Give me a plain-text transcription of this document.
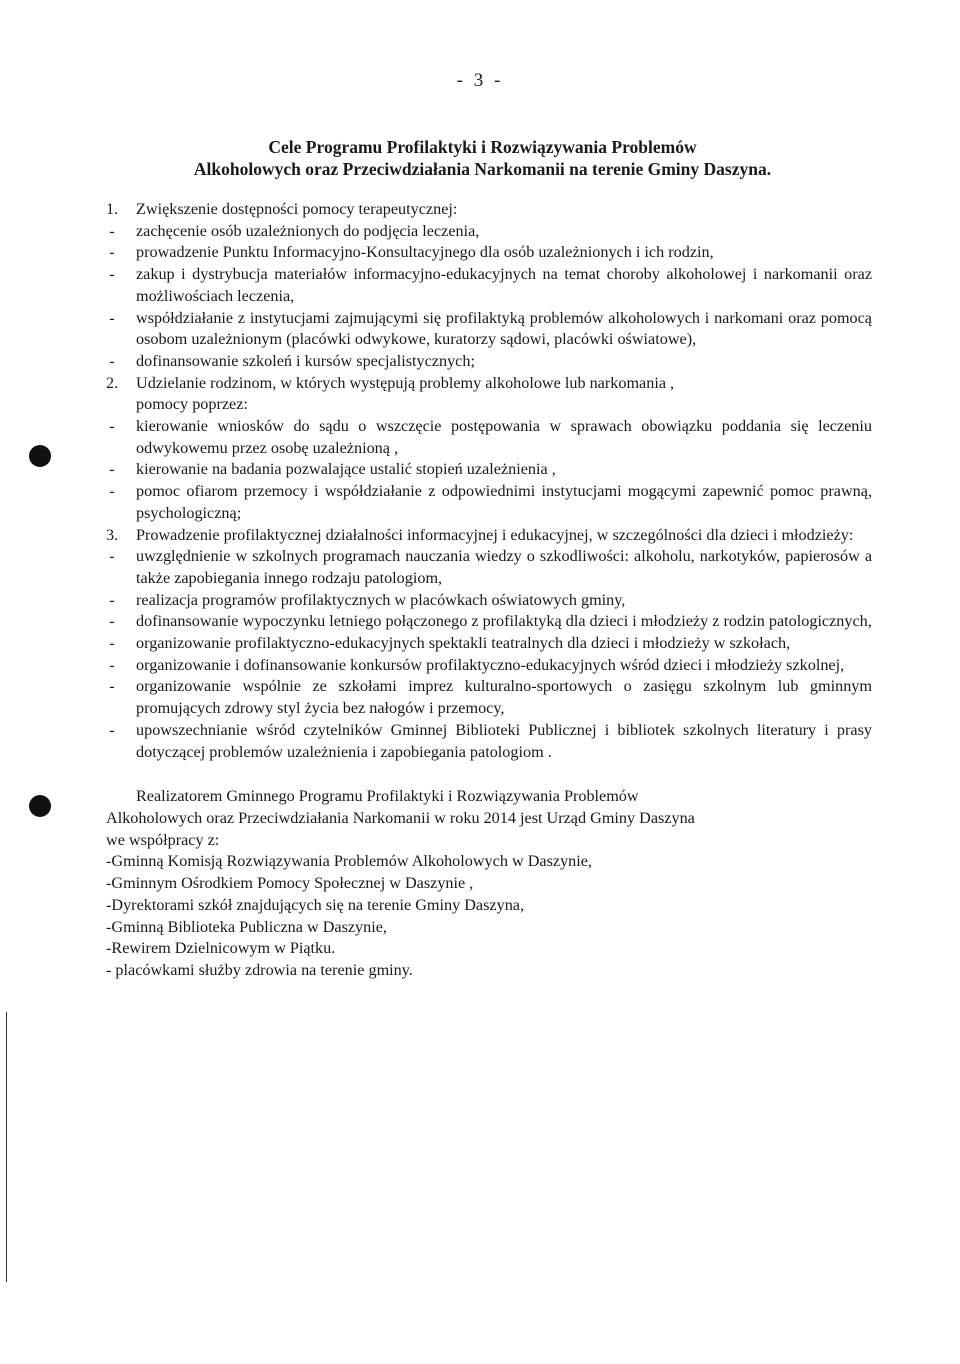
- 3 -
Cele Programu Profilaktyki i Rozwiązywania Problemów
Alkoholowych oraz Przeciwdziałania Narkomanii na terenie Gminy Daszyna.
1.	Zwiększenie dostępności pomocy terapeutycznej:
- zachęcenie osób uzależnionych do podjęcia leczenia,
- prowadzenie Punktu Informacyjno-Konsultacyjnego dla osób uzależnionych i ich rodzin,
- zakup i dystrybucja materiałów informacyjno-edukacyjnych na temat choroby alkoholowej i narkomanii oraz możliwościach leczenia,
- współdziałanie z instytucjami zajmującymi się profilaktyką problemów alkoholowych i narkomani oraz pomocą osobom uzależnionym (placówki odwykowe, kuratorzy sądowi, placówki oświatowe),
- dofinansowanie szkoleń i kursów specjalistycznych;
2.	Udzielanie rodzinom, w których występują problemy alkoholowe lub narkomania ,
pomocy poprzez:
- kierowanie wniosków do sądu o wszczęcie postępowania w sprawach obowiązku poddania się leczeniu odwykowemu przez osobę uzależnioną ,
- kierowanie na badania pozwalające ustalić stopień uzależnienia ,
- pomoc ofiarom przemocy i współdziałanie z odpowiednimi instytucjami mogącymi zapewnić pomoc prawną, psychologiczną;
3.	Prowadzenie profilaktycznej działalności informacyjnej i edukacyjnej, w szczególności dla dzieci i młodzieży:
- uwzględnienie w szkolnych programach nauczania wiedzy o szkodliwości: alkoholu, narkotyków, papierosów a także zapobiegania innego rodzaju patologiom,
- realizacja programów profilaktycznych w placówkach oświatowych gminy,
- dofinansowanie wypoczynku letniego połączonego z profilaktyką dla dzieci i młodzieży z rodzin patologicznych,
- organizowanie profilaktyczno-edukacyjnych spektakli teatralnych dla dzieci i młodzieży w szkołach,
- organizowanie i dofinansowanie konkursów profilaktyczno-edukacyjnych wśród dzieci i młodzieży szkolnej,
- organizowanie wspólnie ze szkołami imprez kulturalno-sportowych o zasięgu szkolnym lub gminnym promujących zdrowy styl życia bez nałogów i przemocy,
- upowszechnianie wśród czytelników Gminnej Biblioteki Publicznej i bibliotek szkolnych literatury i prasy dotyczącej problemów uzależnienia i zapobiegania patologiom .
Realizatorem Gminnego Programu Profilaktyki i Rozwiązywania Problemów
Alkoholowych oraz Przeciwdziałania Narkomanii w roku 2014 jest Urząd Gminy Daszyna
we współpracy z:
-Gminną Komisją Rozwiązywania Problemów Alkoholowych w Daszynie,
-Gminnym Ośrodkiem Pomocy Społecznej w Daszynie ,
-Dyrektorami szkół znajdujących się na terenie Gminy Daszyna,
-Gminną Biblioteka Publiczna w Daszynie,
-Rewirem Dzielnicowym w Piątku.
- placówkami służby zdrowia na terenie gminy.
